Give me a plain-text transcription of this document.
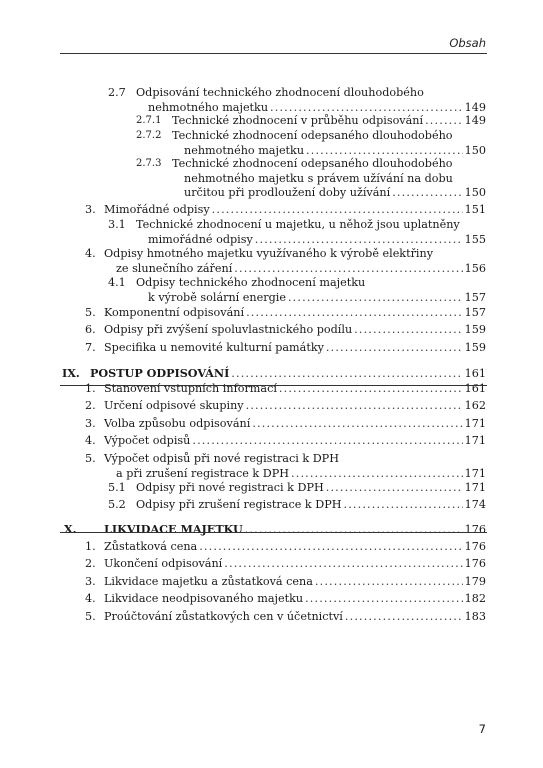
Obsah
2.7 Odpisování technického zhodnocení dlouhodobého
nehmotného majetku . . .	149
2.7.1 Technické zhodnocení v průběhu odpisování . . .	149
2.7.2 Technické zhodnocení odepsaného dlouhodobého
nehmotného majetku . . .	150
2.7.3 Technické zhodnocení odepsaného dlouhodobého
nehmotného majetku s právem užívání na dobu
určitou při prodloužení doby užívání . . .	150
3. Mimořádné odpisy . . .	151
3.1 Technické zhodnocení u majetku, u něhož jsou uplatněny
mimořádné odpisy . . .	155
4. Odpisy hmotného majetku využívaného k výrobě elektřiny
ze slunečního záření . . .	156
4.1 Odpisy technického zhodnocení majetku
k výrobě solární energie . . .	157
5. Komponentní odpisování . . .	157
6. Odpisy při zvýšení spoluvlastnického podílu . . .	159
7. Specifika u nemovité kulturní památky . . .	159
IX. POSTUP ODPISOVÁNÍ . . .	161
1. Stanovení vstupních informací . . .	161
2. Určení odpisové skupiny . . .	162
3. Volba způsobu odpisování . . .	171
4. Výpočet odpisů . . .	171
5. Výpočet odpisů při nové registraci k DPH
a při zrušení registrace k DPH . . .	171
5.1 Odpisy při nové registraci k DPH . . .	171
5.2 Odpisy při zrušení registrace k DPH . . .	174
X. LIKVIDACE MAJETKU . . .	176
1. Zůstatková cena . . .	176
2. Ukončení odpisování . . .	176
3. Likvidace majetku a zůstatková cena . . .	179
4. Likvidace neodpisovaného majetku . . .	182
5. Proúčtování zůstatkových cen v účetnictví . . .	183
7
